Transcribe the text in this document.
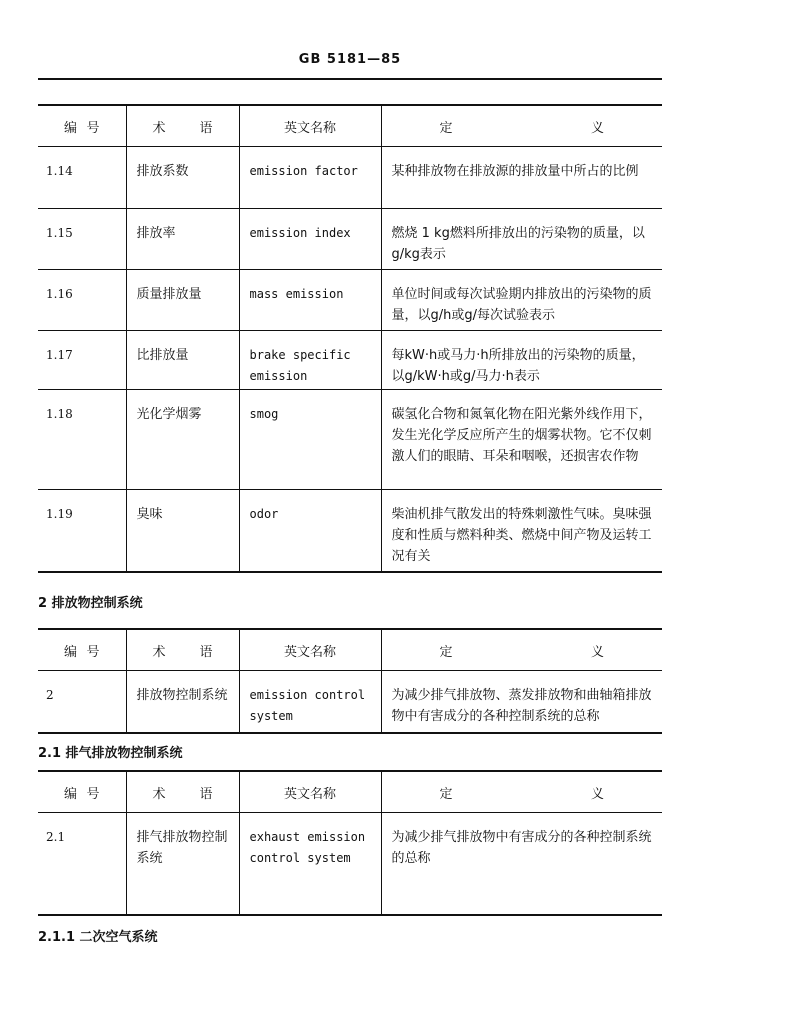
GB 5181—85
编 号	术 语	英文名称	定 义

1.14	排放系数	emission factor	某种排放物在排放源的排放量中所占的比例
1.15	排放率	emission index	燃烧 1 kg燃料所排放出的污染物的质量，以g/kg表示
1.16	质量排放量	mass emission	单位时间或每次试验期内排放出的污染物的质量，以g/h或g/每次试验表示
1.17	比排放量	brake specific emission	每kW·h或马力·h所排放出的污染物的质量，以g/kW·h或g/马力·h表示
1.18	光化学烟雾	smog	碳氢化合物和氮氧化物在阳光紫外线作用下，发生光化学反应所产生的烟雾状物。它不仅刺激人们的眼睛、耳朵和咽喉，还损害农作物
1.19	臭味	odor	柴油机排气散发出的特殊刺激性气味。臭味强度和性质与燃料种类、燃烧中间产物及运转工况有关
2 排放物控制系统
编 号	术 语	英文名称	定 义

2	排放物控制系统	emission control system	为减少排气排放物、蒸发排放物和曲轴箱排放物中有害成分的各种控制系统的总称
2.1 排气排放物控制系统
编 号	术 语	英文名称	定 义

2.1	排气排放物控制系统	exhaust emission control system	为减少排气排放物中有害成分的各种控制系统的总称
2.1.1 二次空气系统
